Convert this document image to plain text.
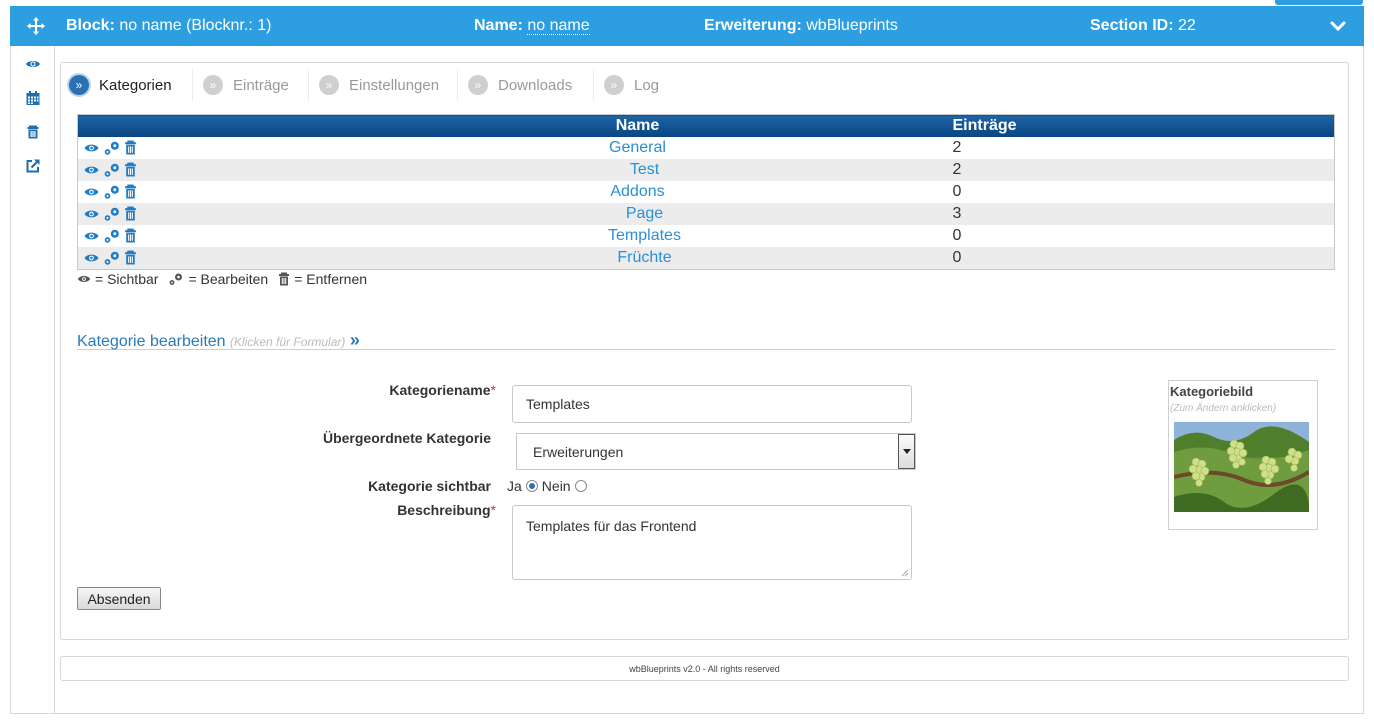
Block: no name (Blocknr.: 1)	Name: no name	Erweiterung: wbBlueprints	Section ID: 22
»	Kategorien	»	Einträge	»	Einstellungen	»	Downloads	»	Log
	Name	Einträge

General	2

Test	2

Addons	0

Page	3

Templates	0

Früchte	0
= Sichtbar = Bearbeiten = Entfernen
Kategorie bearbeiten (Klicken für Formular) »
Kategoriename*
Templates
Übergeordnete Kategorie
Erweiterungen
Kategorie sichtbar Ja Nein
Beschreibung*
Templates für das Frontend
Absenden
Kategoriebild
(Zum Ändern anklicken)
wbBlueprints v2.0 - All rights reserved
